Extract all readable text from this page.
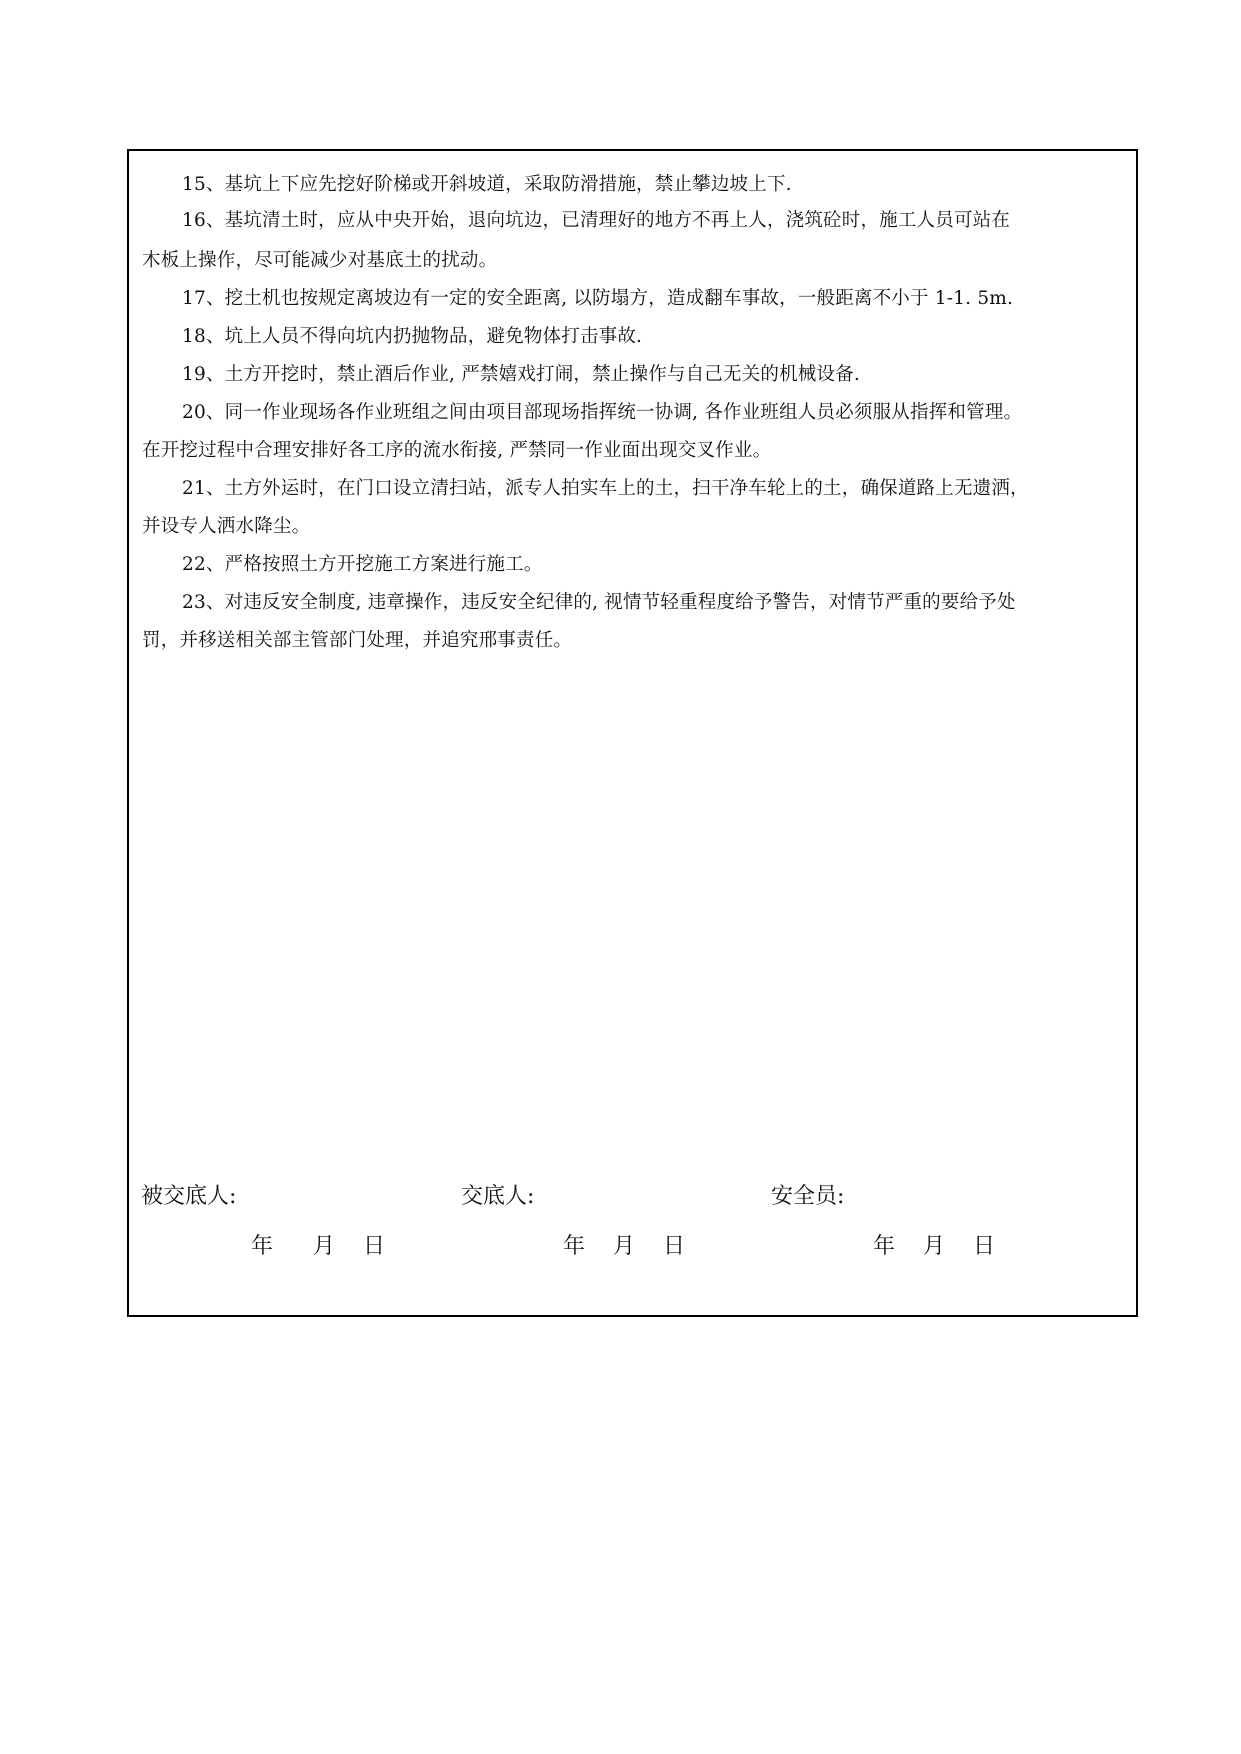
15、基坑上下应先挖好阶梯或开斜坡道，采取防滑措施，禁止攀边坡上下.
16、基坑清土时，应从中央开始，退向坑边，已清理好的地方不再上人，浇筑砼时，施工人员可站在
木板上操作，尽可能减少对基底土的扰动。
17、挖土机也按规定离坡边有一定的安全距离, 以防塌方，造成翻车事故，一般距离不小于 1-1. 5m.
18、坑上人员不得向坑内扔抛物品，避免物体打击事故.
19、土方开挖时，禁止酒后作业, 严禁嬉戏打闹，禁止操作与自己无关的机械设备.
20、同一作业现场各作业班组之间由项目部现场指挥统一协调, 各作业班组人员必须服从指挥和管理。
在开挖过程中合理安排好各工序的流水衔接, 严禁同一作业面出现交叉作业。
21、土方外运时，在门口设立清扫站，派专人拍实车上的土，扫干净车轮上的土，确保道路上无遗洒，
并设专人洒水降尘。
22、严格按照土方开挖施工方案进行施工。
23、对违反安全制度, 违章操作，违反安全纪律的, 视情节轻重程度给予警告，对情节严重的要给予处
罚，并移送相关部主管部门处理，并追究邢事责任。
被交底人:	交底人:	安全员:
年 月 日	年 月 日	年 月 日
